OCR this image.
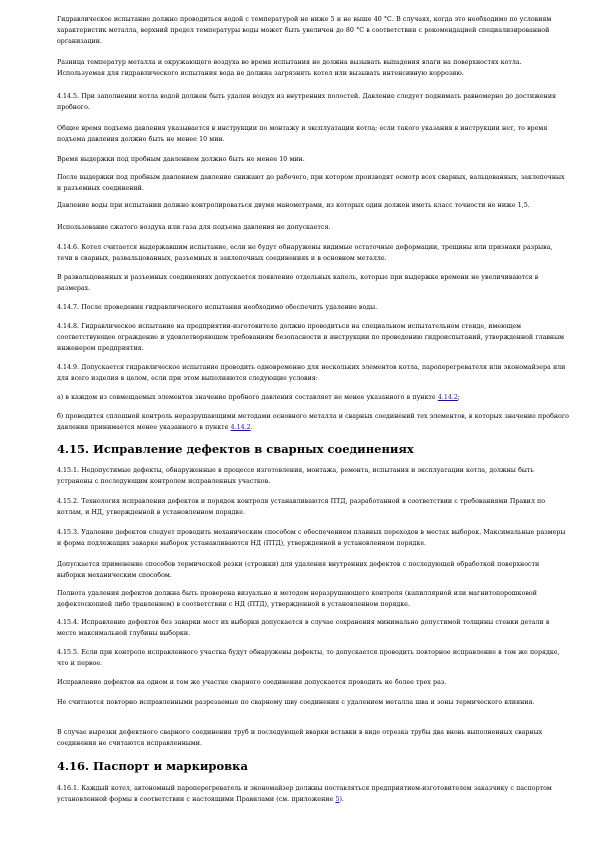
Гидравлическое испытание должно проводиться водой с температурой не ниже 5 и не выше 40 °С. В случаях, когда это необходимо по условиям характеристик металла, верхний предел температуры воды может быть увеличен до 80 °С в соответствии с рекомендацией специализированной организации.

Разница температур металла и окружающего воздуха во время испытания не должна вызывать выпадения влаги на поверхностях котла. Используемая для гидравлического испытания вода не должна загрязнять котел или вызывать интенсивную коррозию.

4.14.5. При заполнении котла водой должен быть удален воздух из внутренних полостей. Давление следует поднимать равномерно до достижения пробного.

Общее время подъема давления указывается в инструкции по монтажу и эксплуатации котла; если такого указания в инструкции нет, то время подъема давления должно быть не менее 10 мин.

Время выдержки под пробным давлением должно быть не менее 10 мин.

После выдержки под пробным давлением давление снижают до рабочего, при котором производят осмотр всех сварных, вальцованных, заклепочных и разъемных соединений.

Давление воды при испытании должно контролироваться двумя манометрами, из которых один должен иметь класс точности не ниже 1,5.

Использование сжатого воздуха или газа для подъема давления не допускается.

4.14.6. Котел считается выдержавшим испытание, если не будут обнаружены видимые остаточные деформации, трещины или признаки разрыва, течи в сварных, развальцованных, разъемных и заклепочных соединениях и в основном металле.

В развальцованных и разъемных соединениях допускается появление отдельных капель, которые при выдержке времени не увеличиваются в размерах.

4.14.7. После проведения гидравлического испытания необходимо обеспечить удаление воды.

4.14.8. Гидравлическое испытание на предприятии-изготовителе должно проводиться на специальном испытательном стенде, имеющем соответствующее ограждение и удовлетворяющем требованиям безопасности и инструкции по проведению гидроиспытаний, утвержденной главным инженером предприятия.

4.14.9. Допускается гидравлическое испытание проводить одновременно для нескольких элементов котла, пароперегревателя или экономайзера или для всего изделия в целом, если при этом выполняются следующие условия:

а) в каждом из совмещаемых элементов значение пробного давления составляет не менее указанного в пункте 4.14.2;

б) проводится сплошной контроль неразрушающими методами основного металла и сварных соединений тех элементов, в которых значение пробного давления принимается менее указанного в пункте 4.14.2.

4.15. Исправление дефектов в сварных соединениях

4.15.1. Недопустимые дефекты, обнаруженные в процессе изготовления, монтажа, ремонта, испытания и эксплуатации котла, должны быть устранены с последующим контролем исправленных участков.

4.15.2. Технология исправления дефектов и порядок контроля устанавливаются ПТД, разработанной в соответствии с требованиями Правил по котлам, и НД, утвержденной в установленном порядке.

4.15.3. Удаление дефектов следует проводить механическим способом с обеспечением плавных переходов в местах выборок. Максимальные размеры и форма подлежащих заварке выборок устанавливаются НД (ПТД), утвержденной в установленном порядке.

Допускается применение способов термической резки (строжки) для удаления внутренних дефектов с последующей обработкой поверхности выборки механическим способом.

Полнота удаления дефектов должна быть проверена визуально и методом неразрушающего контроля (капиллярной или магнитопорошковой дефектоскопией либо травлением) в соответствии с НД (ПТД), утвержденной в установленном порядке.

4.15.4. Исправление дефектов без заварки мест их выборки допускается в случае сохранения минимально допустимой толщины стенки детали в месте максимальной глубины выборки.

4.15.5. Если при контроле исправленного участка будут обнаружены дефекты, то допускается проводить повторное исправление в том же порядке, что и первое.

Исправление дефектов на одном и том же участке сварного соединения допускается проводить не более трех раз.

Не считаются повторно исправленными разрезаемые по сварному шву соединения с удалением металла шва и зоны термического влияния.

В случае вырезки дефектного сварного соединения труб и последующей вварки вставки в виде отрезка трубы два вновь выполненных сварных соединения не считаются исправленными.

4.16. Паспорт и маркировка

4.16.1. Каждый котел, автономный пароперегреватель и экономайзер должны поставляться предприятием-изготовителем заказчику с паспортом установленной формы в соответствии с настоящими Правилами (см. приложение 5).
